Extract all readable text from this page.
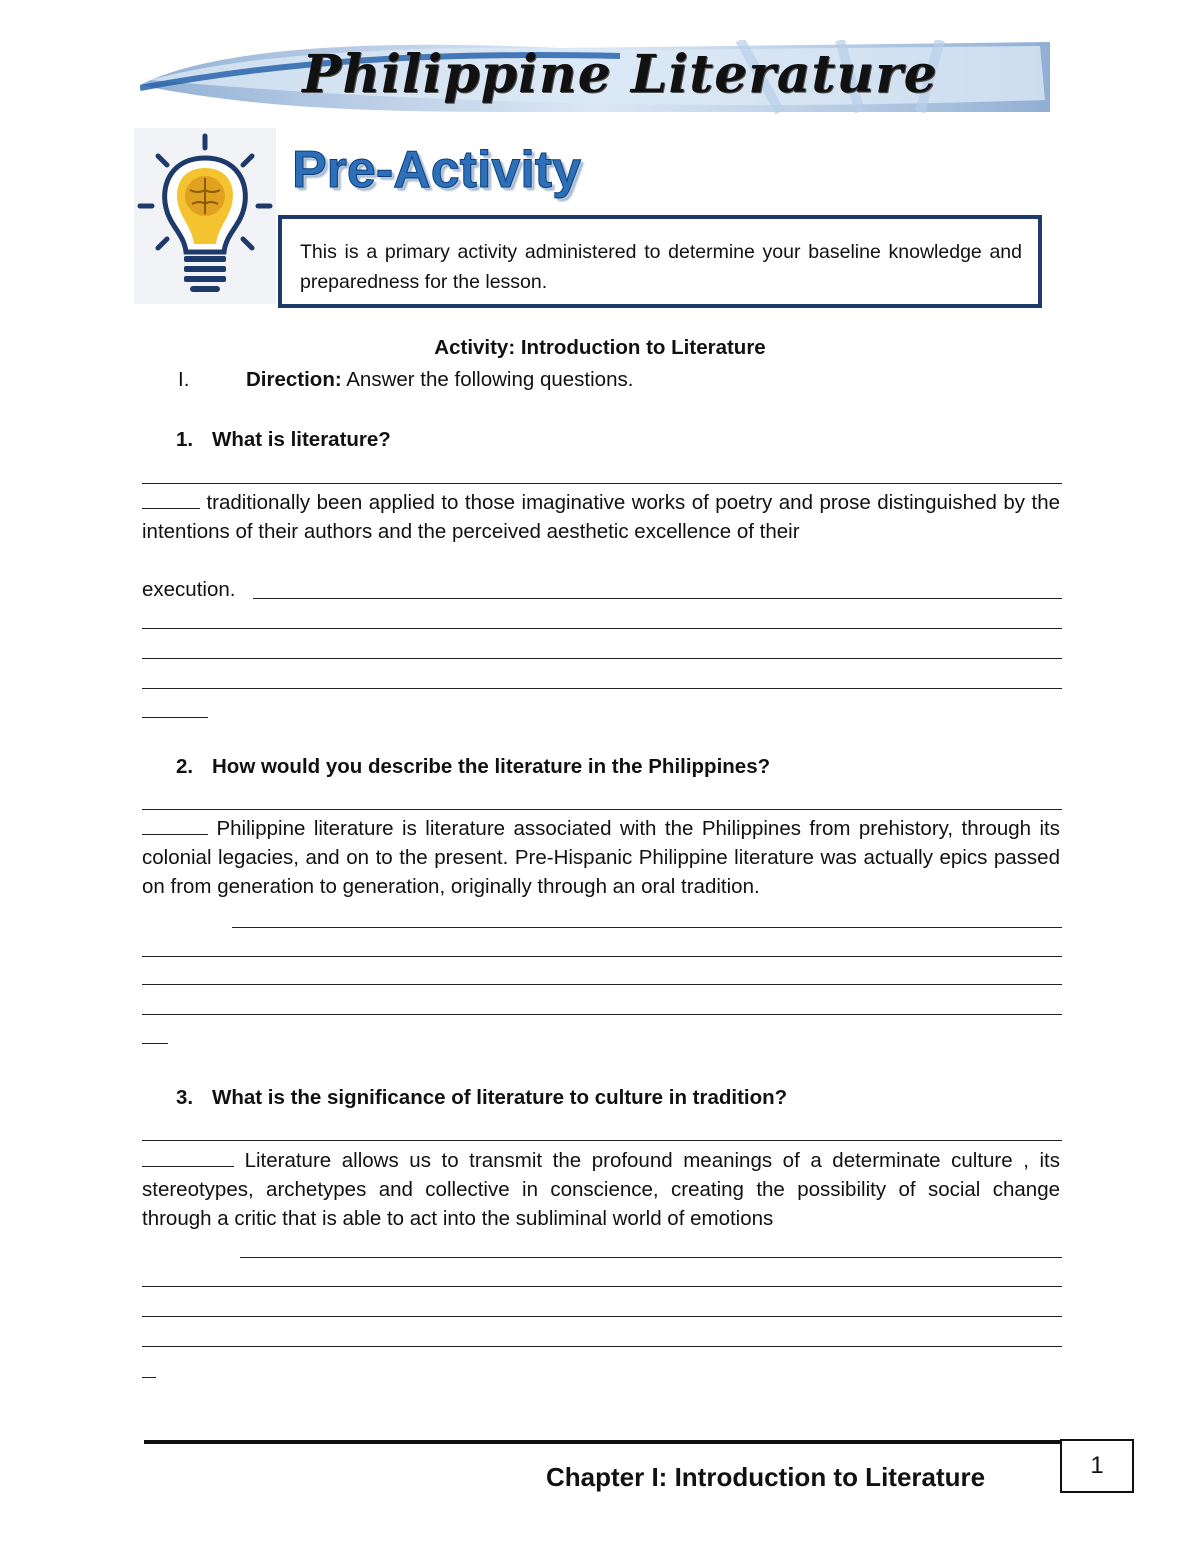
Philippine Literature
Pre-Activity
This is a primary activity administered to determine your baseline knowledge and preparedness for the lesson.
Activity: Introduction to Literature
I.	Direction: Answer the following questions.
1. What is literature?
traditionally been applied to those imaginative works of poetry and prose distinguished by the intentions of their authors and the perceived aesthetic excellence of their
execution.
2. How would you describe the literature in the Philippines?
Philippine literature is literature associated with the Philippines from prehistory, through its colonial legacies, and on to the present. Pre-Hispanic Philippine literature was actually epics passed on from generation to generation, originally through an oral tradition.
3. What is the significance of literature to culture in tradition?
Literature allows us to transmit the profound meanings of a determinate culture , its stereotypes, archetypes and collective in conscience, creating the possibility of social change through a critic that is able to act into the subliminal world of emotions
Chapter I: Introduction to Literature	1
